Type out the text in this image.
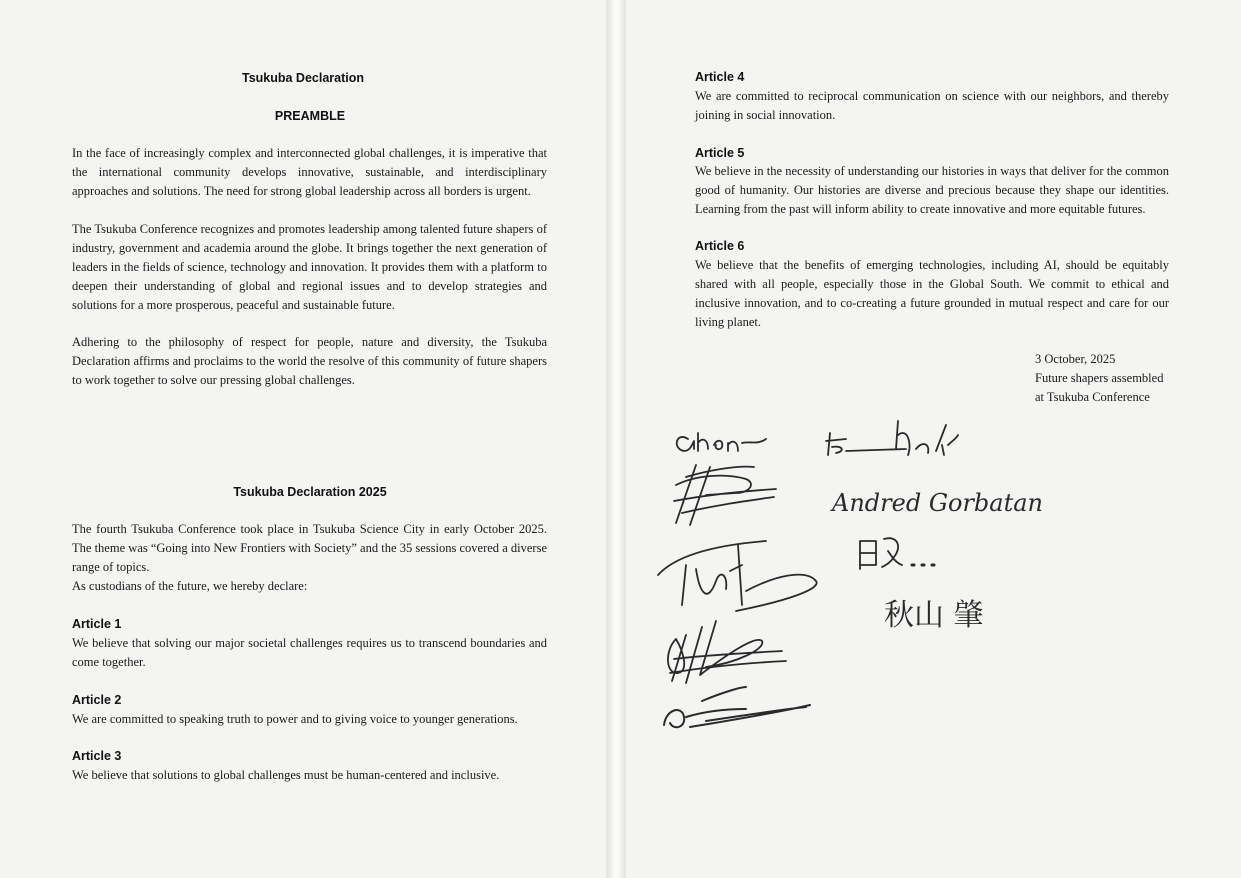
Tsukuba Declaration
PREAMBLE

In the face of increasingly complex and interconnected global challenges, it is imperative that the international community develops innovative, sustainable, and interdisciplinary approaches and solutions. The need for strong global leadership across all borders is urgent.

The Tsukuba Conference recognizes and promotes leadership among talented future shapers of industry, government and academia around the globe. It brings together the next generation of leaders in the fields of science, technology and innovation. It provides them with a platform to deepen their understanding of global and regional issues and to develop strategies and solutions for a more prosperous, peaceful and sustainable future.

Adhering to the philosophy of respect for people, nature and diversity, the Tsukuba Declaration affirms and proclaims to the world the resolve of this community of future shapers to work together to solve our pressing global challenges.

Tsukuba Declaration 2025

The fourth Tsukuba Conference took place in Tsukuba Science City in early October 2025. The theme was “Going into New Frontiers with Society” and the 35 sessions covered a diverse range of topics.

As custodians of the future, we hereby declare:

Article 1

We believe that solving our major societal challenges requires us to transcend boundaries and come together.

Article 2

We are committed to speaking truth to power and to giving voice to younger generations.

Article 3

We believe that solutions to global challenges must be human-centered and inclusive.

Article 4

We are committed to reciprocal communication on science with our neighbors, and thereby joining in social innovation.

Article 5

We believe in the necessity of understanding our histories in ways that deliver for the common good of humanity. Our histories are diverse and precious because they shape our identities. Learning from the past will inform ability to create innovative and more equitable futures.

Article 6

We believe that the benefits of emerging technologies, including AI, should be equitably shared with all people, especially those in the Global South. We commit to ethical and inclusive innovation, and to co-creating a future grounded in mutual respect and care for our living planet.

3 October, 2025
Future shapers assembled
at Tsukuba Conference
Andred Gorbatan
秋山 肇
